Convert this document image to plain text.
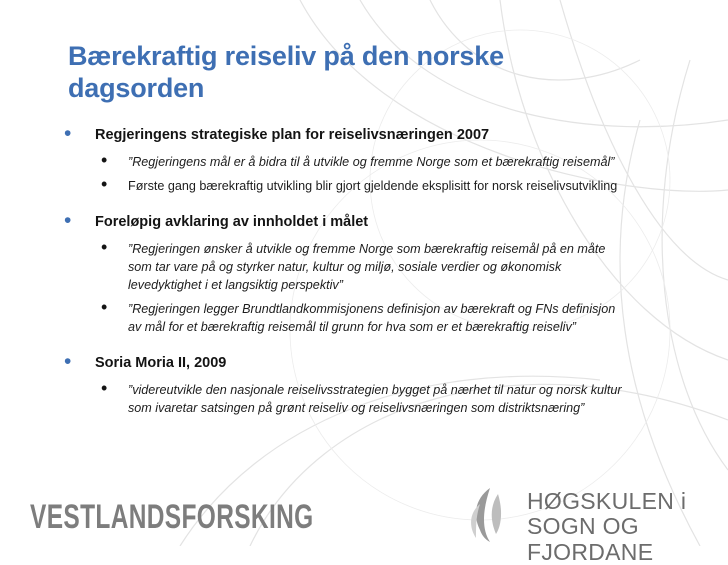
Bærekraftig reiseliv på den norske dagsorden
• Regjeringens strategiske plan for reiselivsnæringen 2007
• ”Regjeringens mål er å bidra til å utvikle og fremme Norge som et bærekraftig reisemål”
• Første gang bærekraftig utvikling blir gjort gjeldende eksplisitt for norsk reiselivsutvikling
• Foreløpig avklaring av innholdet i målet
• ”Regjeringen ønsker å utvikle og fremme Norge som bærekraftig reisemål på en måte som tar vare på og styrker natur, kultur og miljø, sosiale verdier og økonomisk levedyktighet i et langsiktig perspektiv”
• ”Regjeringen legger Brundtlandkommisjonens definisjon av bærekraft og FNs definisjon av mål for et bærekraftig reisemål til grunn for hva som er et bærekraftig reiseliv”
• Soria Moria II, 2009
• ”videreutvikle den nasjonale reiselivsstrategien bygget på nærhet til natur og norsk kultur som ivaretar satsingen på grønt reiseliv og reiselivsnæringen som distriktsnæring”
VESTLANDSFORSKING	HØGSKULEN i
SOGN OG FJORDANE
